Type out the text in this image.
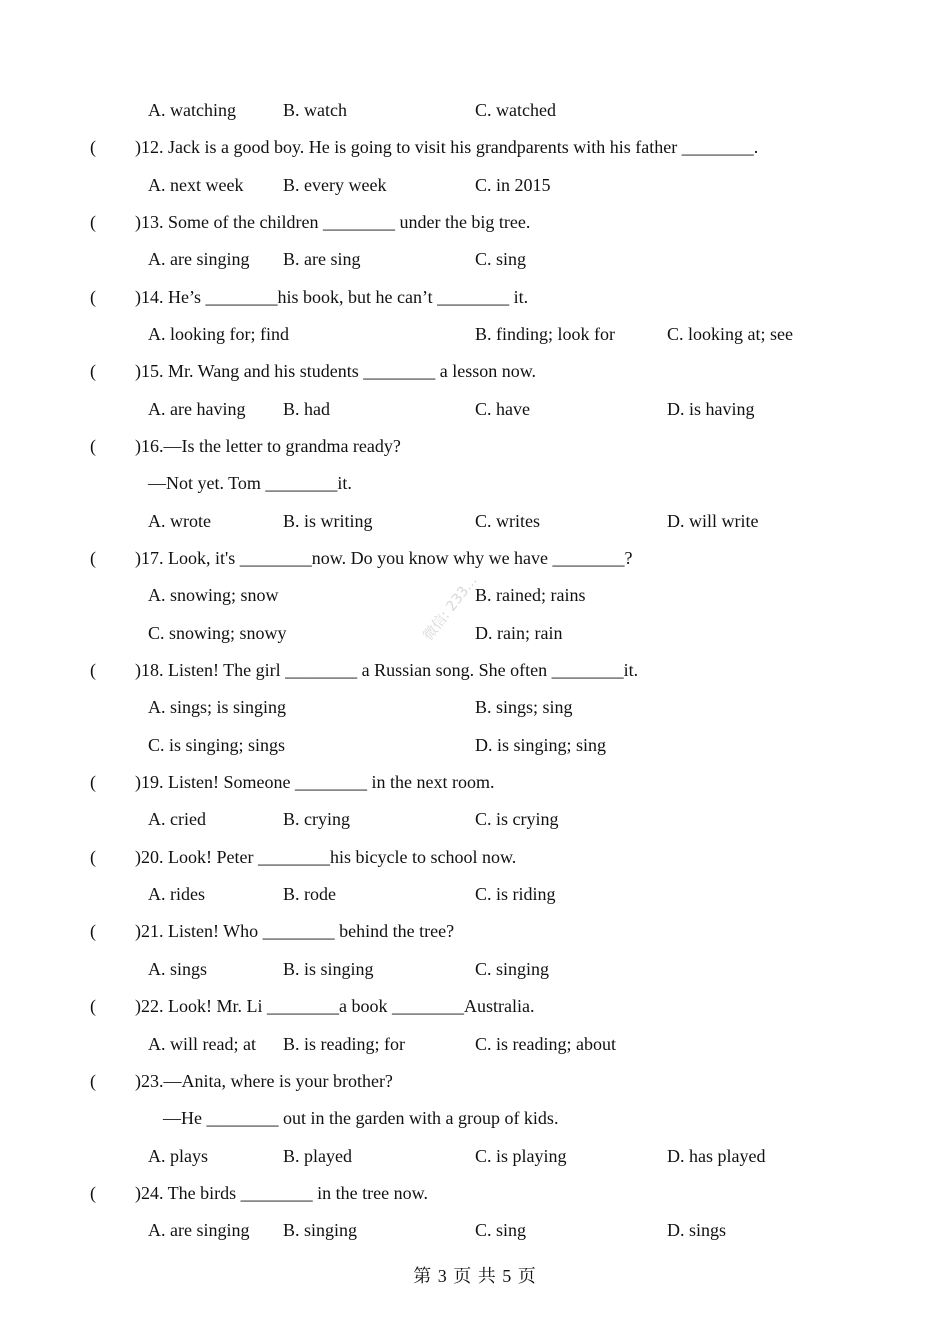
A. watching	B. watch	C. watched
( )12. Jack is a good boy. He is going to visit his grandparents with his father ________.
A. next week B. every week	C. in 2015
( )13. Some of the children ________ under the big tree.
A. are singing B. are sing	C. sing
( )14. He’s ________his book, but he can’t ________ it.
A. looking for; find	B. finding; look for	C. looking at; see
( )15. Mr. Wang and his students ________ a lesson now.
A. are having B. had	C. have	D. is having
( )16.—Is the letter to grandma ready?
—Not yet. Tom ________it.
A. wrote	B. is writing	C. writes	D. will write
( )17. Look, it's ________now. Do you know why we have ________?
A. snowing; snow	B. rained; rains
C. snowing; snowy	D. rain; rain
( )18. Listen! The girl ________ a Russian song. She often ________it.
A. sings; is singing	B. sings; sing
C. is singing; sings	D. is singing; sing
( )19. Listen! Someone ________ in the next room.
A. cried	B. crying	C. is crying
( )20. Look! Peter ________his bicycle to school now.
A. rides	B. rode	C. is riding
( )21. Listen! Who ________ behind the tree?
A. sings	B. is singing	C. singing
( )22. Look! Mr. Li ________a book ________Australia.
A. will read; at B. is reading; for	C. is reading; about
( )23.—Anita, where is your brother?
—He ________ out in the garden with a group of kids.
A. plays	B. played	C. is playing	D. has played
( )24. The birds ________ in the tree now.
A. are singing B. singing	C. sing	D. sings
微信: 233...
第 3 页 共 5 页
